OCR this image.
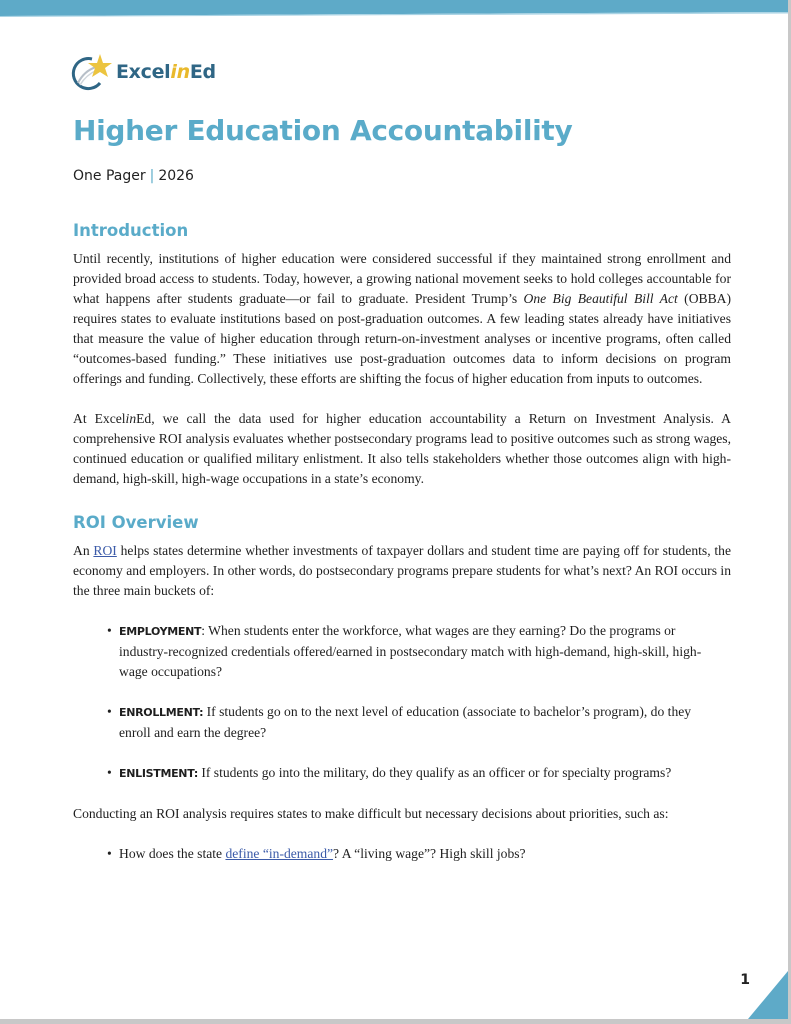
ExcelinEd
Higher Education Accountability
One Pager | 2026
Introduction

Until recently, institutions of higher education were considered successful if they maintained strong enrollment and provided broad access to students. Today, however, a growing national movement seeks to hold colleges accountable for what happens after students graduate—or fail to graduate. President Trump’s One Big Beautiful Bill Act (OBBA) requires states to evaluate institutions based on post-graduation outcomes. A few leading states already have initiatives that measure the value of higher education through return-on-investment analyses or incentive programs, often called “outcomes-based funding.” These initiatives use post-graduation outcomes data to inform decisions on program offerings and funding. Collectively, these efforts are shifting the focus of higher education from inputs to outcomes.

At ExcelinEd, we call the data used for higher education accountability a Return on Investment Analysis. A comprehensive ROI analysis evaluates whether postsecondary programs lead to positive outcomes such as strong wages, continued education or qualified military enlistment. It also tells stakeholders whether those outcomes align with high-demand, high-skill, high-wage occupations in a state’s economy.

ROI Overview

An ROI helps states determine whether investments of taxpayer dollars and student time are paying off for students, the economy and employers. In other words, do postsecondary programs prepare students for what’s next? An ROI occurs in the three main buckets of:

• EMPLOYMENT: When students enter the workforce, what wages are they earning? Do the programs or industry-recognized credentials offered/earned in postsecondary match with high-demand, high-skill, high-wage occupations?
• ENROLLMENT: If students go on to the next level of education (associate to bachelor’s program), do they enroll and earn the degree?
• ENLISTMENT: If students go into the military, do they qualify as an officer or for specialty programs?

Conducting an ROI analysis requires states to make difficult but necessary decisions about priorities, such as:

• How does the state define “in-demand”? A “living wage”? High skill jobs?
1
